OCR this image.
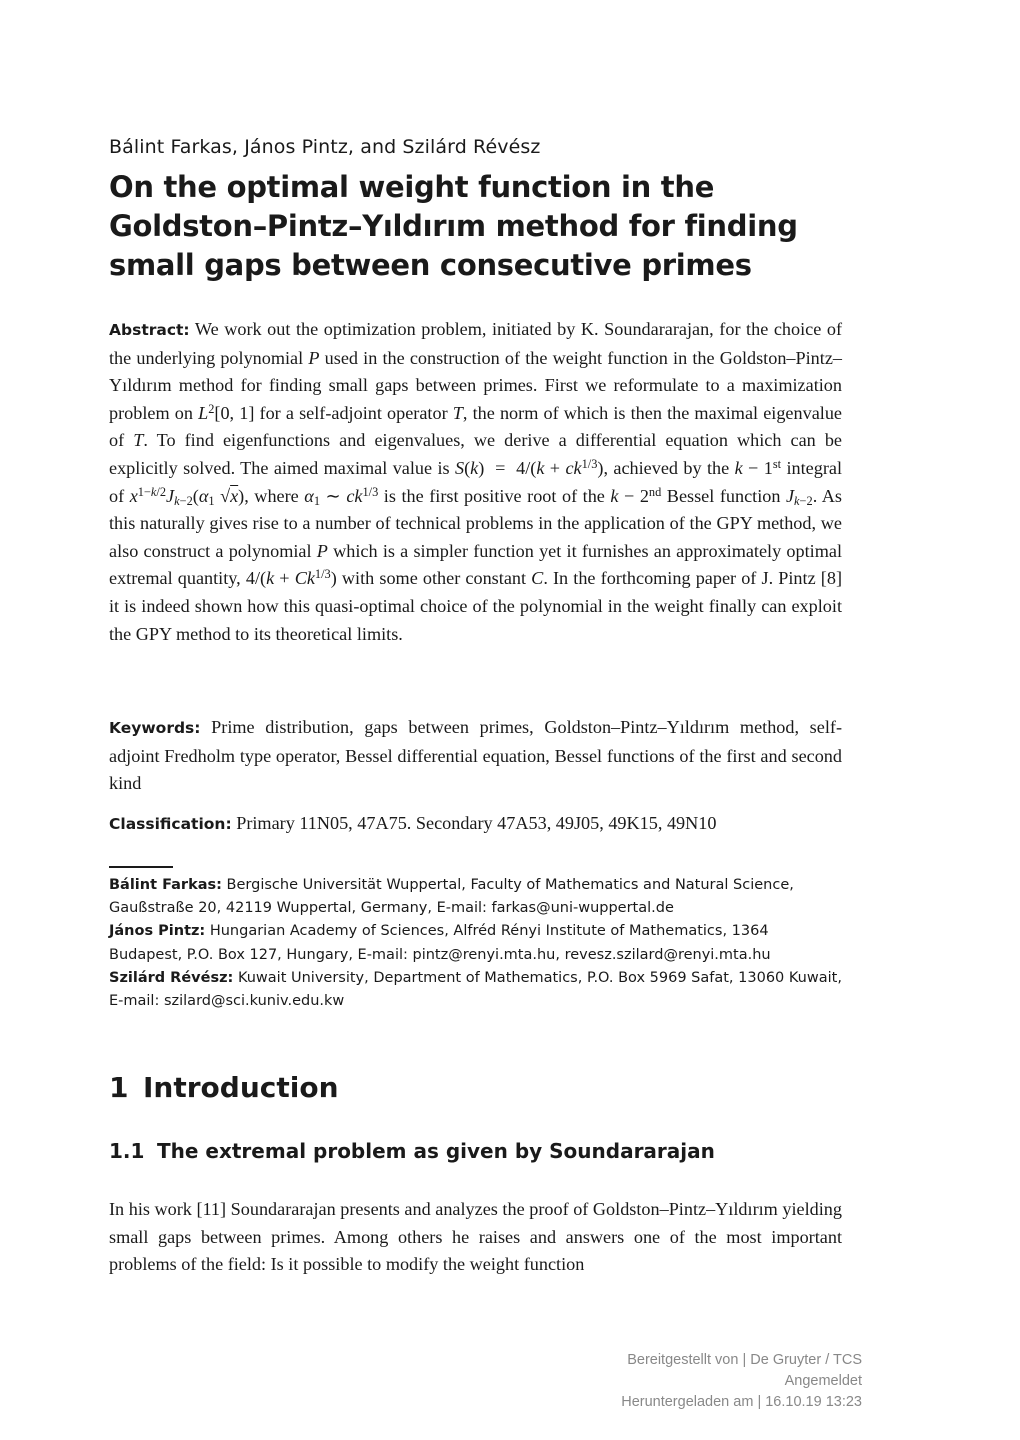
Bálint Farkas, János Pintz, and Szilárd Révész
On the optimal weight function in the Goldston–Pintz–Yıldırım method for finding small gaps between consecutive primes
Abstract: We work out the optimization problem, initiated by K. Soundararajan, for the choice of the underlying polynomial P used in the construction of the weight function in the Goldston–Pintz–Yıldırım method for finding small gaps between primes. First we reformulate to a maximization problem on $L^2[0$, 1] for a self-adjoint operator T, the norm of which is then the maximal eigenvalue of T. To find eigenfunctions and eigenvalues, we derive a differential equation which can be explicitly solved. The aimed maximal value is $S(k) = 4/(k + ck^{1/3})$, achieved by the k − 1st integral of $x^{1-k/2}J_{k-2}(\alpha_1$ √x), where $\alpha_1$ ∼ $ck^{1/3}$ is the first positive root of the k − 2nd Bessel function $J_{k-2}$. As this naturally gives rise to a number of technical problems in the application of the GPY method, we also construct a polynomial P which is a simpler function yet it furnishes an approximately optimal extremal quantity, $4/(k + Ck^{1/3})$ with some other constant C. In the forthcoming paper of J. Pintz [8] it is indeed shown how this quasi-optimal choice of the polynomial in the weight finally can exploit the GPY method to its theoretical limits.
Keywords: Prime distribution, gaps between primes, Goldston–Pintz–Yıldırım method, self-adjoint Fredholm type operator, Bessel differential equation, Bessel functions of the first and second kind
Classification: Primary 11N05, 47A75. Secondary 47A53, 49J05, 49K15, 49N10
Bálint Farkas: Bergische Universität Wuppertal, Faculty of Mathematics and Natural Science, Gaußstraße 20, 42119 Wuppertal, Germany, E-mail: farkas@uni-wuppertal.de
János Pintz: Hungarian Academy of Sciences, Alfréd Rényi Institute of Mathematics, 1364 Budapest, P.O. Box 127, Hungary, E-mail: pintz@renyi.mta.hu, revesz.szilard@renyi.mta.hu
Szilárd Révész: Kuwait University, Department of Mathematics, P.O. Box 5969 Safat, 13060 Kuwait, E-mail: szilard@sci.kuniv.edu.kw
1 Introduction
1.1 The extremal problem as given by Soundararajan
In his work [11] Soundararajan presents and analyzes the proof of Goldston–Pintz–Yıldırım yielding small gaps between primes. Among others he raises and answers one of the most important problems of the field: Is it possible to modify the weight function
Bereitgestellt von | De Gruyter / TCS
Angemeldet
Heruntergeladen am | 16.10.19 13:23
